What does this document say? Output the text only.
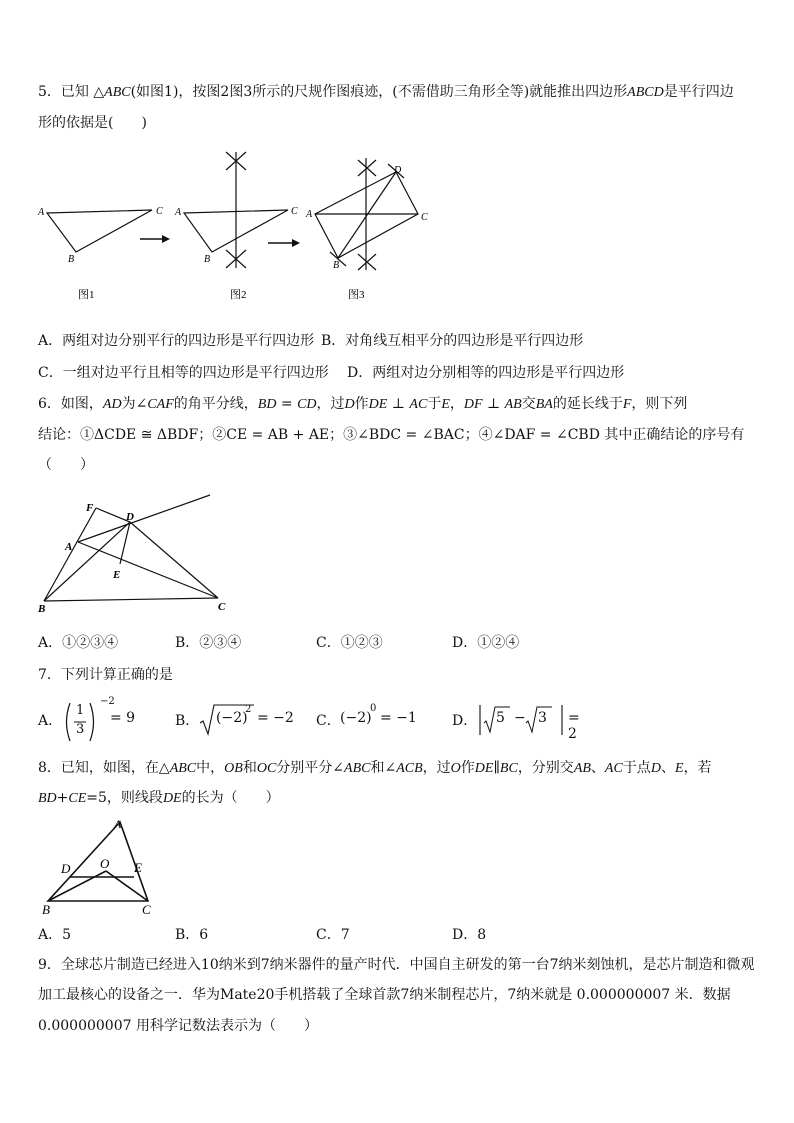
5．已知 △ABC(如图1)，按图2图3所示的尺规作图痕迹，(不需借助三角形全等)就能推出四边形ABCD是平行四边
形的依据是(　　)
A
B
C
图1
A
B
C
图2
A
B
C
D
图3
A．两组对边分别平行的四边形是平行四边形 B．对角线互相平分的四边形是平行四边形
C．一组对边平行且相等的四边形是平行四边形 D．两组对边分别相等的四边形是平行四边形
6．如图，AD为∠CAF的角平分线，BD = CD，过D作DE ⊥ AC于E，DF ⊥ AB交BA的延长线于F，则下列
结论：①ΔCDE ≅ ΔBDF；②CE = AB + AE；③∠BDC = ∠BAC；④∠DAF = ∠CBD 其中正确结论的序号有
（　　）
F
D
A
E
B	C
A．①②③④	B．②③④	C．①②③	D．①②④
7．下列计算正确的是
A．
1
3
−2
= 9	B． (−2)
2
= −2 C． (−2)
0
= −1	D． 5 − 3 = 2
8．已知，如图，在△ABC中，OB和OC分别平分∠ABC和∠ACB，过O作DE∥BC，分别交AB、AC于点D、E，若
BD+CE=5，则线段DE的长为（　　）
A
D O E
B	C
A．5	B．6	C．7	D．8
9．全球芯片制造已经进入10纳米到7纳米器件的量产时代．中国自主研发的第一台7纳米刻蚀机，是芯片制造和微观
加工最核心的设备之一．华为Mate20手机搭载了全球首款7纳米制程芯片，7纳米就是 0.000000007 米．数据
0.000000007 用科学记数法表示为（　　）
